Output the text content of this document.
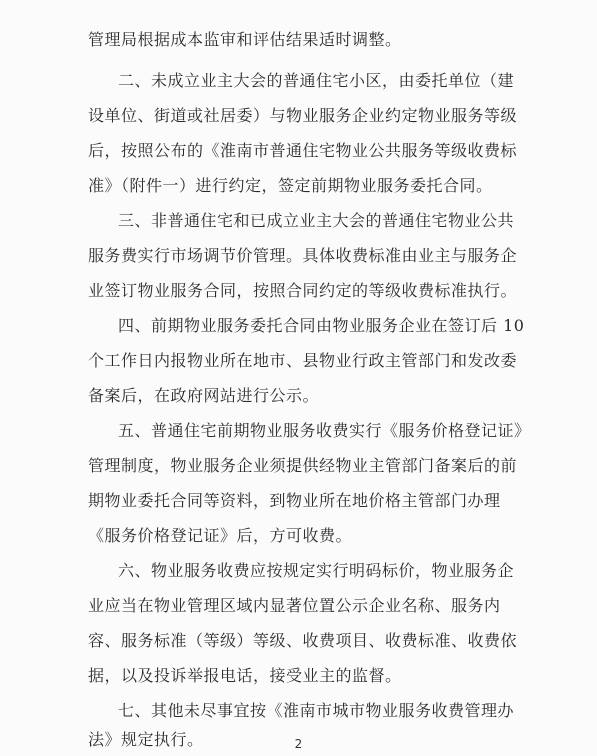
管理局根据成本监审和评估结果适时调整。
二、未成立业主大会的普通住宅小区，由委托单位（建
设单位、街道或社居委）与物业服务企业约定物业服务等级
后，按照公布的《淮南市普通住宅物业公共服务等级收费标
准》（附件一）进行约定，签定前期物业服务委托合同。
三、非普通住宅和已成立业主大会的普通住宅物业公共
服务费实行市场调节价管理。具体收费标准由业主与服务企
业签订物业服务合同，按照合同约定的等级收费标准执行。
四、前期物业服务委托合同由物业服务企业在签订后 10
个工作日内报物业所在地市、县物业行政主管部门和发改委
备案后，在政府网站进行公示。
五、普通住宅前期物业服务收费实行《服务价格登记证》
管理制度，物业服务企业须提供经物业主管部门备案后的前
期物业委托合同等资料，到物业所在地价格主管部门办理
《服务价格登记证》后，方可收费。
六、物业服务收费应按规定实行明码标价，物业服务企
业应当在物业管理区域内显著位置公示企业名称、服务内
容、服务标准（等级）等级、收费项目、收费标准、收费依
据，以及投诉举报电话，接受业主的监督。
七、其他未尽事宜按《淮南市城市物业服务收费管理办
法》规定执行。	2
